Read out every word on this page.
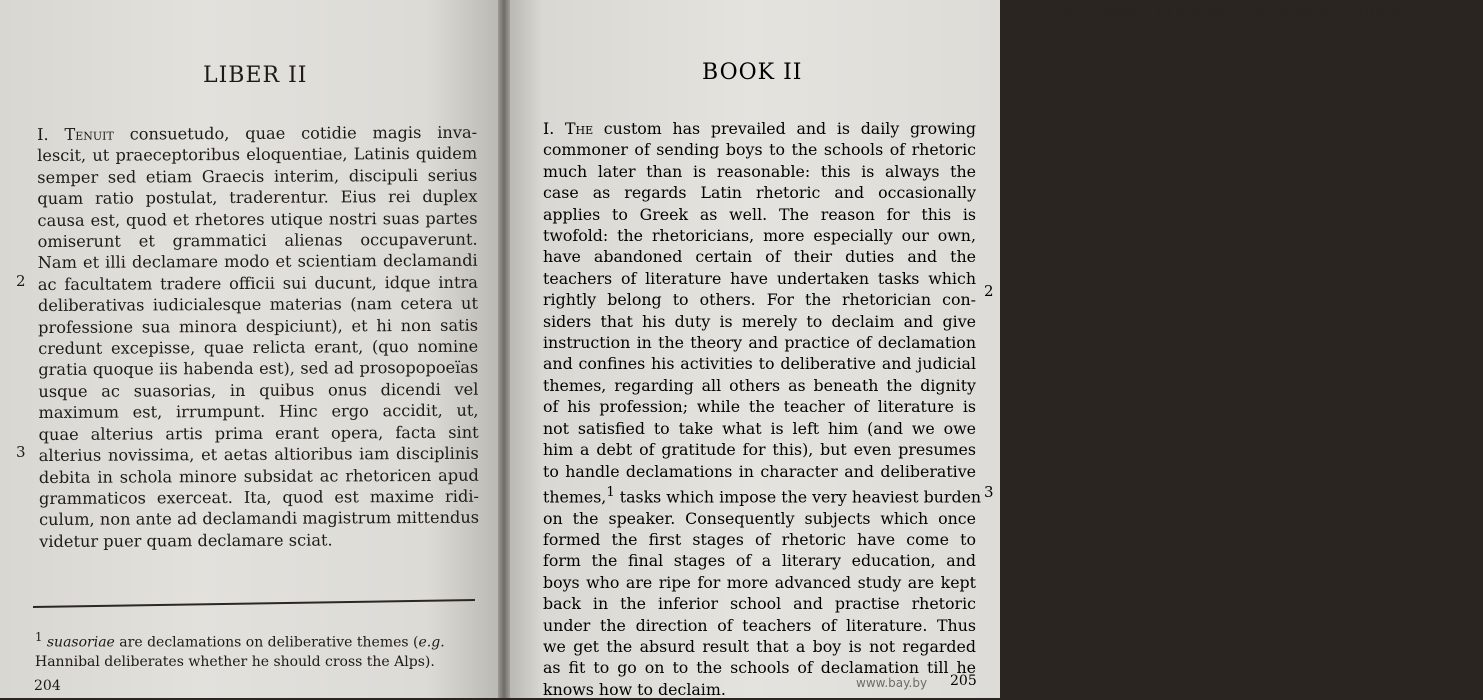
LIBER II
I. Tenuit consuetudo, quae cotidie magis inva-
lescit, ut praeceptoribus eloquentiae, Latinis quidem
semper sed etiam Graecis interim, discipuli serius
quam ratio postulat, traderentur. Eius rei duplex
causa est, quod et rhetores utique nostri suas partes
omiserunt et grammatici alienas occupaverunt.
Nam et illi declamare modo et scientiam declamandi
ac facultatem tradere officii sui ducunt, idque intra
deliberativas iudicialesque materias (nam cetera ut
professione sua minora despiciunt), et hi non satis
credunt excepisse, quae relicta erant, (quo nomine
gratia quoque iis habenda est), sed ad prosopopoeïas
usque ac suasorias, in quibus onus dicendi vel
maximum est, irrumpunt. Hinc ergo accidit, ut,
quae alterius artis prima erant opera, facta sint
alterius novissima, et aetas altioribus iam disciplinis
debita in schola minore subsidat ac rhetoricen apud
grammaticos exerceat. Ita, quod est maxime ridi-
culum, non ante ad declamandi magistrum mittendus
videtur puer quam declamare sciat.
2
3
$^1$ suasoriae are declamations on deliberative themes (e.g.
Hannibal deliberates whether he should cross the Alps).
204
dicaris ipsam in oficium consuetudinis illius
BOOK II
I. The custom has prevailed and is daily growing
commoner of sending boys to the schools of rhetoric
much later than is reasonable: this is always the
case as regards Latin rhetoric and occasionally
applies to Greek as well. The reason for this is
twofold: the rhetoricians, more especially our own,
have abandoned certain of their duties and the
teachers of literature have undertaken tasks which
rightly belong to others. For the rhetorician con-
siders that his duty is merely to declaim and give
instruction in the theory and practice of declamation
and confines his activities to deliberative and judicial
themes, regarding all others as beneath the dignity
of his profession; while the teacher of literature is
not satisfied to take what is left him (and we owe
him a debt of gratitude for this), but even presumes
to handle declamations in character and deliberative
themes,$^1$ tasks which impose the very heaviest burden
on the speaker. Consequently subjects which once
formed the first stages of rhetoric have come to
form the final stages of a literary education, and
boys who are ripe for more advanced study are kept
back in the inferior school and practise rhetoric
under the direction of teachers of literature. Thus
we get the absurd result that a boy is not regarded
as fit to go on to the schools of declamation till he
knows how to declaim.
2
3
205
www.bay.by
